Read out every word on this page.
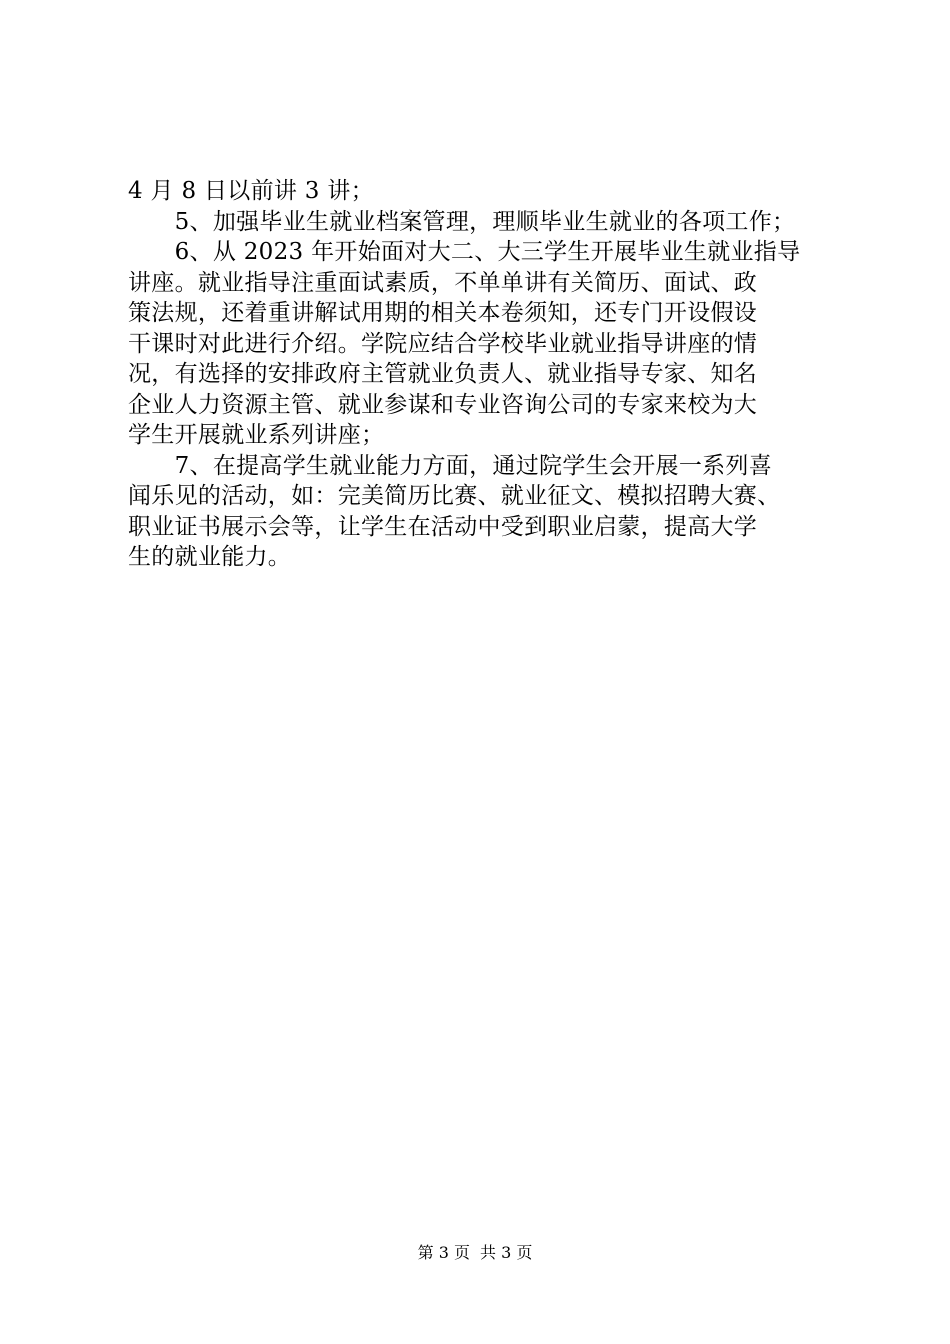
4 月 8 日以前讲 3 讲；
　　5、加强毕业生就业档案管理，理顺毕业生就业的各项工作；
　　6、从 2023 年开始面对大二、大三学生开展毕业生就业指导
讲座。就业指导注重面试素质，不单单讲有关简历、面试、政
策法规，还着重讲解试用期的相关本卷须知，还专门开设假设
干课时对此进行介绍。学院应结合学校毕业就业指导讲座的情
况，有选择的安排政府主管就业负责人、就业指导专家、知名
企业人力资源主管、就业参谋和专业咨询公司的专家来校为大
学生开展就业系列讲座；
　　7、在提高学生就业能力方面，通过院学生会开展一系列喜
闻乐见的活动，如：完美简历比赛、就业征文、模拟招聘大赛、
职业证书展示会等，让学生在活动中受到职业启蒙，提高大学
生的就业能力。
第 3 页 共 3 页
